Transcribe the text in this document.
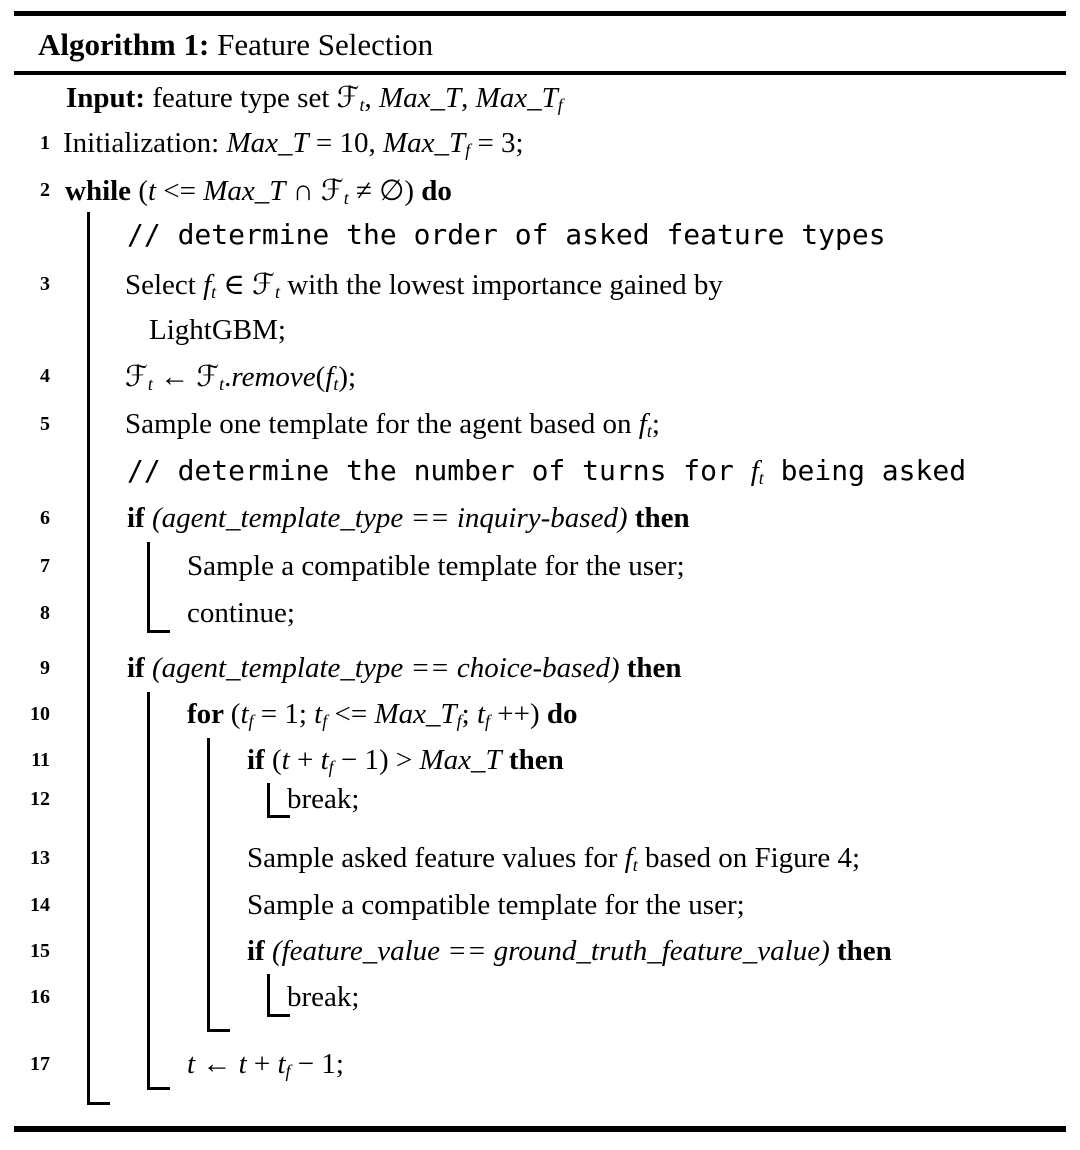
Algorithm 1: Feature Selection
Input: feature type set ℱt, Max_T, Max_Tf
1 Initialization: Max_T = 10, Max_Tf = 3;
2 while (t <= Max_T ∩ ℱt ≠ ∅) do
// determine the order of asked feature types
3	Select ft ∈ ℱt with the lowest importance gained by
LightGBM;
4	ℱt ← ℱt.remove(ft);
5	Sample one template for the agent based on ft;
// determine the number of turns for ft being asked
6	if (agent_template_type == inquiry-based) then
7	Sample a compatible template for the user;
8	continue;
9	if (agent_template_type == choice-based) then
10	for (tf = 1; tf <= Max_Tf; tf ++) do
11	if (t + tf − 1) > Max_T then
12	break;
13	Sample asked feature values for ft based on Figure 4;
14	Sample a compatible template for the user;
15	if (feature_value == ground_truth_feature_value) then
16	break;
17	t ← t + tf − 1;
